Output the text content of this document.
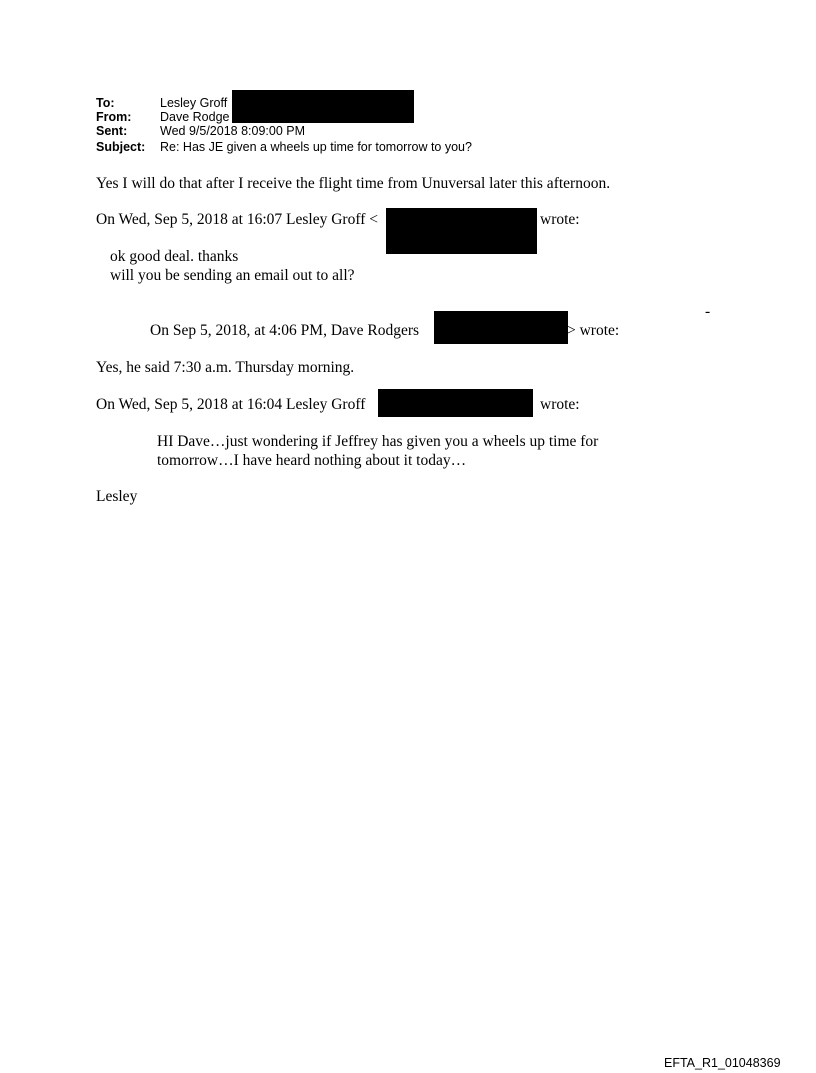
To:	Lesley Groff
From: Dave Rodge
Sent:	Wed 9/5/2018 8:09:00 PM
Subject: Re: Has JE given a wheels up time for tomorrow to you?
Yes I will do that after I receive the flight time from Unuversal later this afternoon.
On Wed, Sep 5, 2018 at 16:07 Lesley Groff <	wrote:
ok good deal. thanks
will you be sending an email out to all?
-
On Sep 5, 2018, at 4:06 PM, Dave Rodgers	> wrote:
Yes, he said 7:30 a.m. Thursday morning.
On Wed, Sep 5, 2018 at 16:04 Lesley Groff	wrote:
HI Dave…just wondering if Jeffrey has given you a wheels up time for
tomorrow…I have heard nothing about it today…
Lesley
EFTA_R1_01048369
